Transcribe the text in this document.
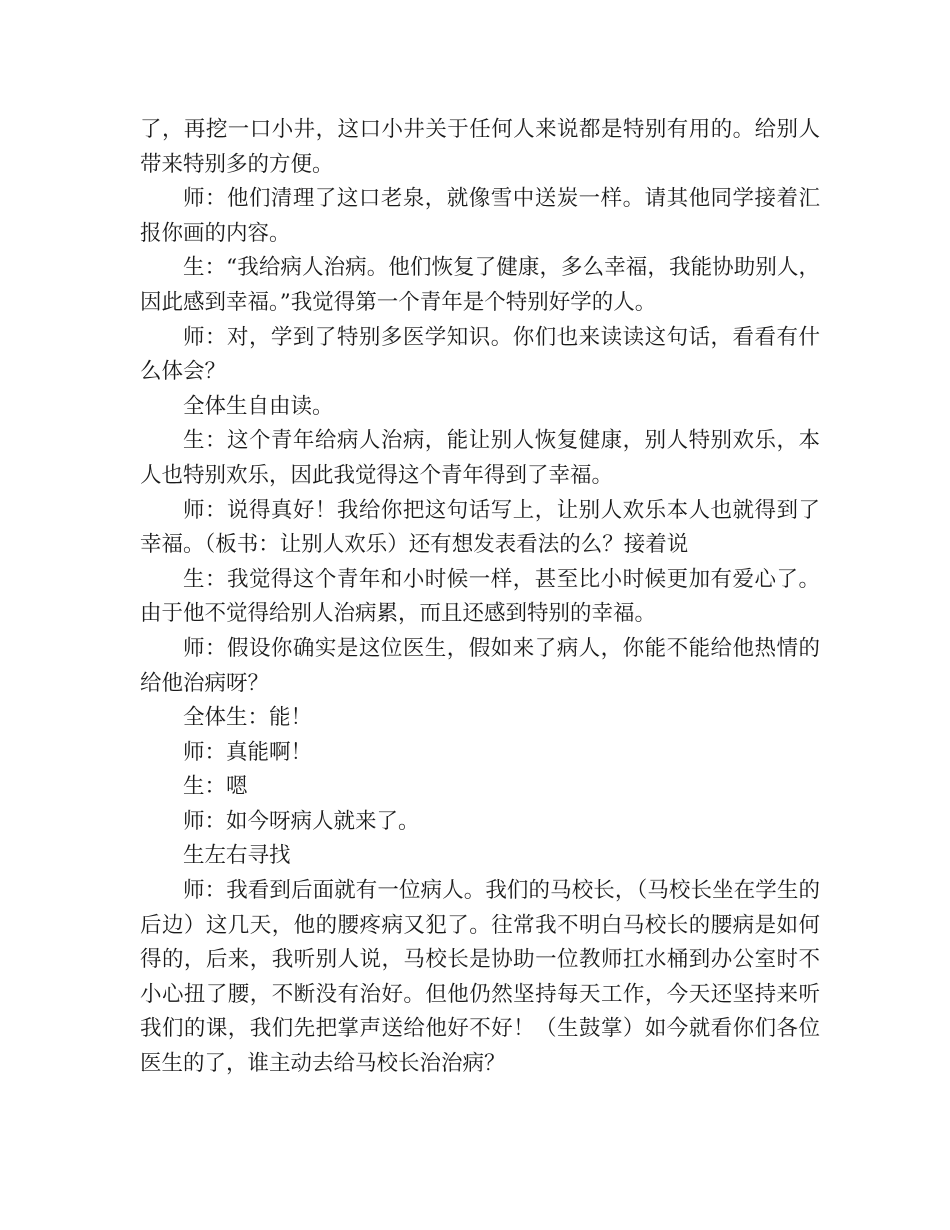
了，再挖一口小井，这口小井关于任何人来说都是特别有用的。给别人带来特别多的方便。

师：他们清理了这口老泉，就像雪中送炭一样。请其他同学接着汇报你画的内容。

生：“我给病人治病。他们恢复了健康，多么幸福，我能协助别人，因此感到幸福。”我觉得第一个青年是个特别好学的人。

师：对，学到了特别多医学知识。你们也来读读这句话，看看有什么体会？

全体生自由读。

生：这个青年给病人治病，能让别人恢复健康，别人特别欢乐，本人也特别欢乐，因此我觉得这个青年得到了幸福。

师：说得真好！我给你把这句话写上，让别人欢乐本人也就得到了幸福。（板书：让别人欢乐）还有想发表看法的么？接着说

生：我觉得这个青年和小时候一样，甚至比小时候更加有爱心了。由于他不觉得给别人治病累，而且还感到特别的幸福。

师：假设你确实是这位医生，假如来了病人，你能不能给他热情的给他治病呀？

全体生：能！

师：真能啊！

生：嗯

师：如今呀病人就来了。

生左右寻找

师：我看到后面就有一位病人。我们的马校长，（马校长坐在学生的后边）这几天，他的腰疼病又犯了。往常我不明白马校长的腰病是如何得的，后来，我听别人说，马校长是协助一位教师扛水桶到办公室时不小心扭了腰，不断没有治好。但他仍然坚持每天工作，今天还坚持来听我们的课，我们先把掌声送给他好不好！（生鼓掌）如今就看你们各位医生的了，谁主动去给马校长治治病？
